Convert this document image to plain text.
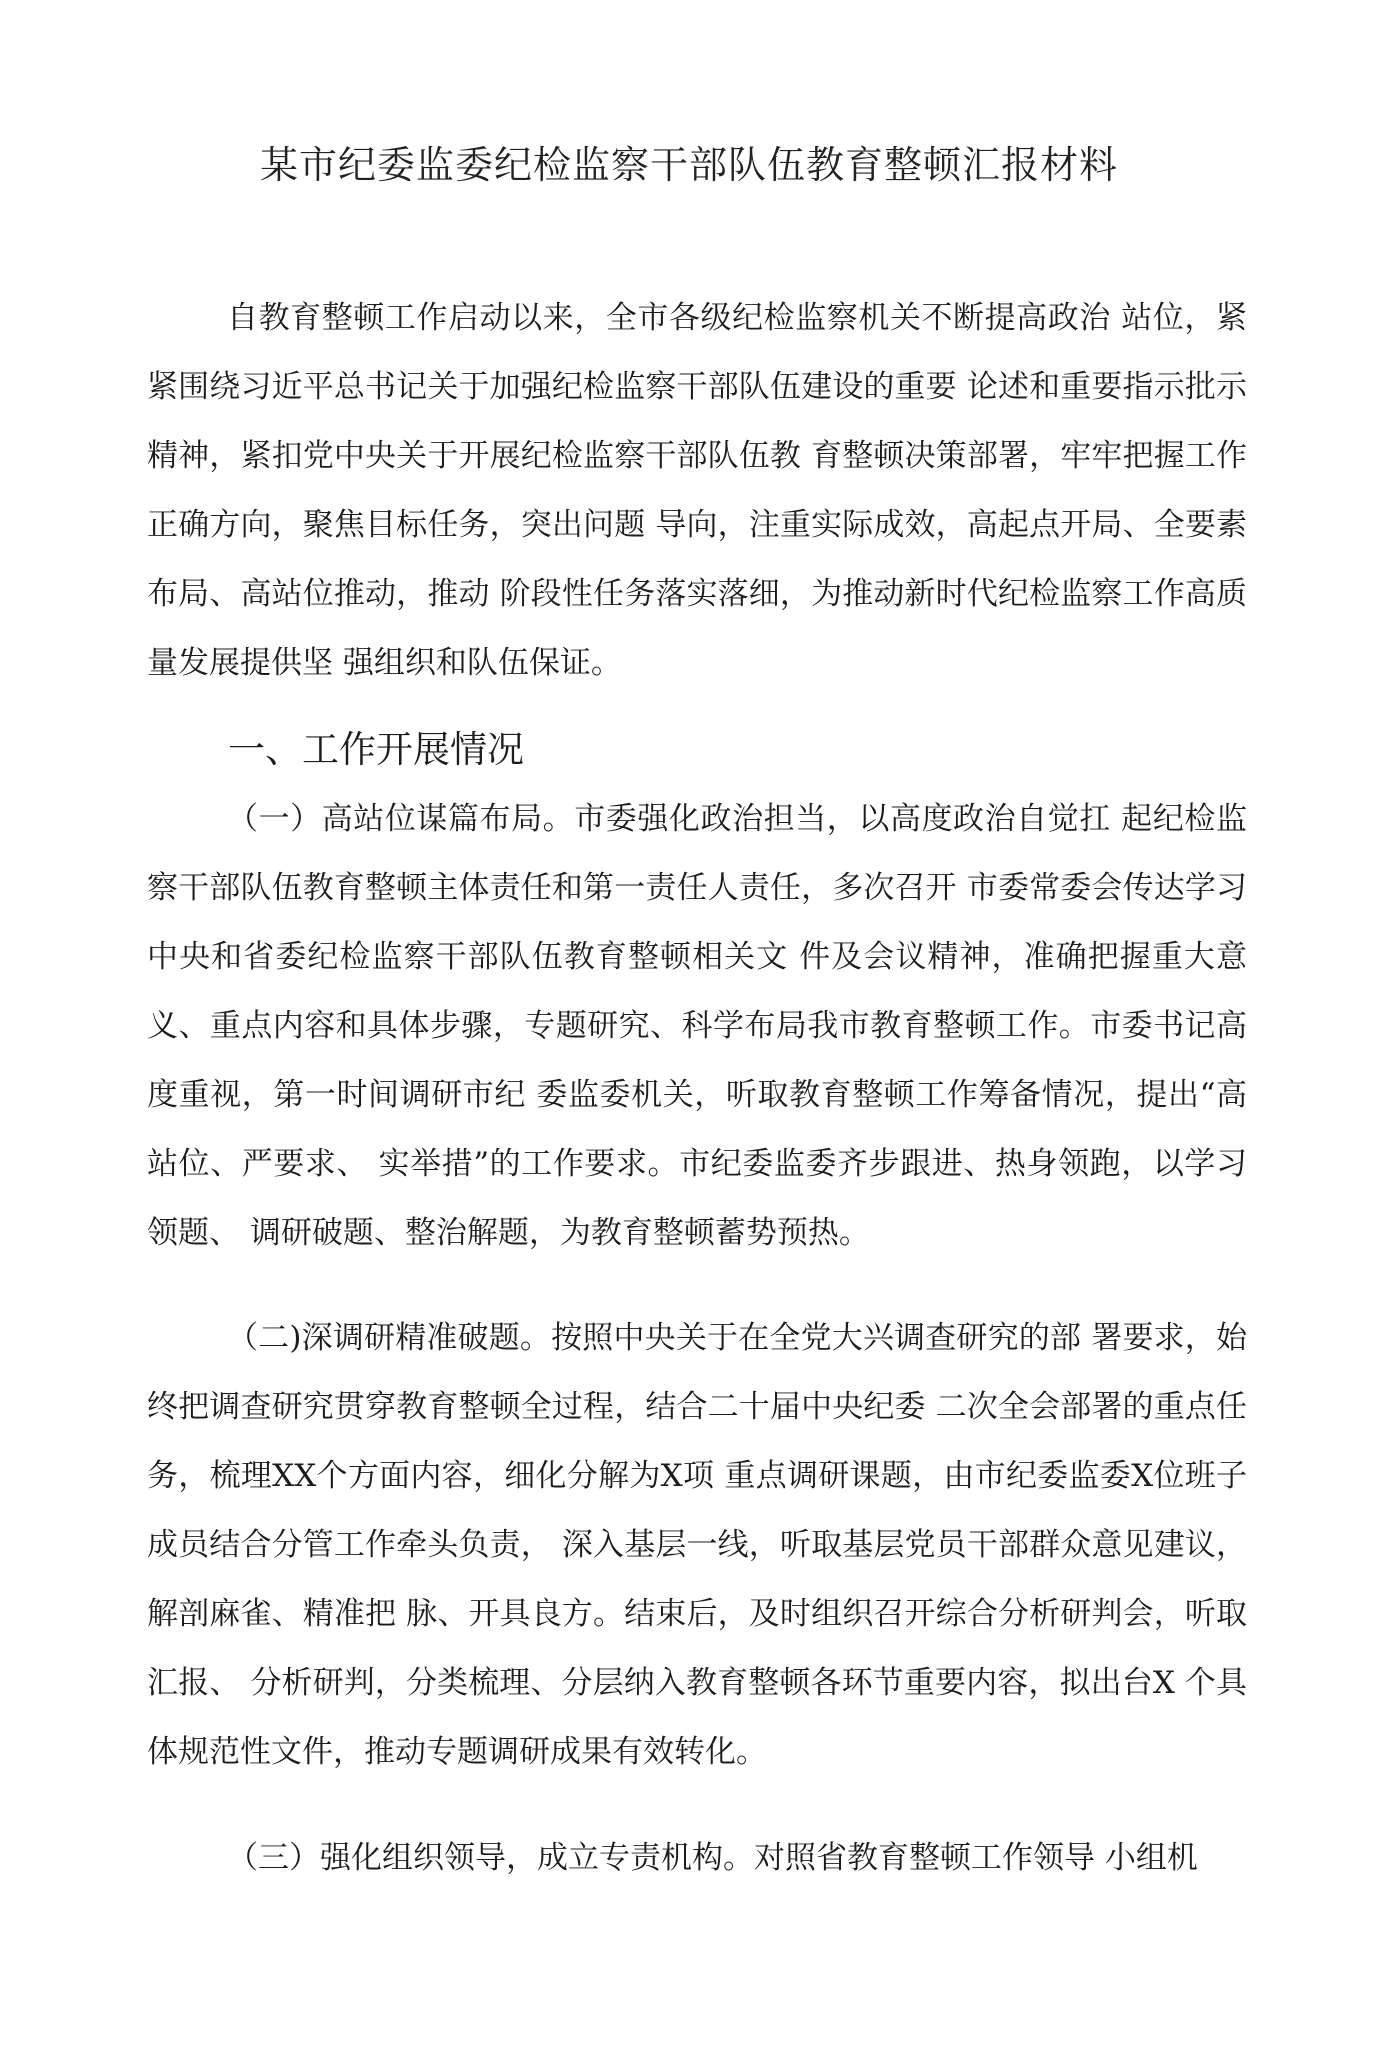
某市纪委监委纪检监察干部队伍教育整顿汇报材料

自教育整顿工作启动以来，全市各级纪检监察机关不断提高政治 站位，紧紧围绕习近平总书记关于加强纪检监察干部队伍建设的重要 论述和重要指示批示精神，紧扣党中央关于开展纪检监察干部队伍教 育整顿决策部署，牢牢把握工作正确方向，聚焦目标任务，突出问题 导向，注重实际成效，高起点开局、全要素布局、高站位推动，推动 阶段性任务落实落细，为推动新时代纪检监察工作高质量发展提供坚 强组织和队伍保证。

一、工作开展情况

（一）高站位谋篇布局。市委强化政治担当，以高度政治自觉扛 起纪检监察干部队伍教育整顿主体责任和第一责任人责任，多次召开 市委常委会传达学习中央和省委纪检监察干部队伍教育整顿相关文 件及会议精神，准确把握重大意义、重点内容和具体步骤，专题研究、科学布局我市教育整顿工作。市委书记高度重视，第一时间调研市纪 委监委机关，听取教育整顿工作筹备情况，提出“高站位、严要求、 实举措”的工作要求。市纪委监委齐步跟进、热身领跑，以学习领题、 调研破题、整治解题，为教育整顿蓄势预热。

（二)深调研精准破题。按照中央关于在全党大兴调查研究的部 署要求，始终把调查研究贯穿教育整顿全过程，结合二十届中央纪委 二次全会部署的重点任务，梳理XX个方面内容，细化分解为X项 重点调研课题，由市纪委监委X位班子成员结合分管工作牵头负责， 深入基层一线，听取基层党员干部群众意见建议，解剖麻雀、精准把 脉、开具良方。结束后，及时组织召开综合分析研判会，听取汇报、 分析研判，分类梳理、分层纳入教育整顿各环节重要内容，拟出台X 个具体规范性文件，推动专题调研成果有效转化。

（三）强化组织领导，成立专责机构。对照省教育整顿工作领导 小组机
